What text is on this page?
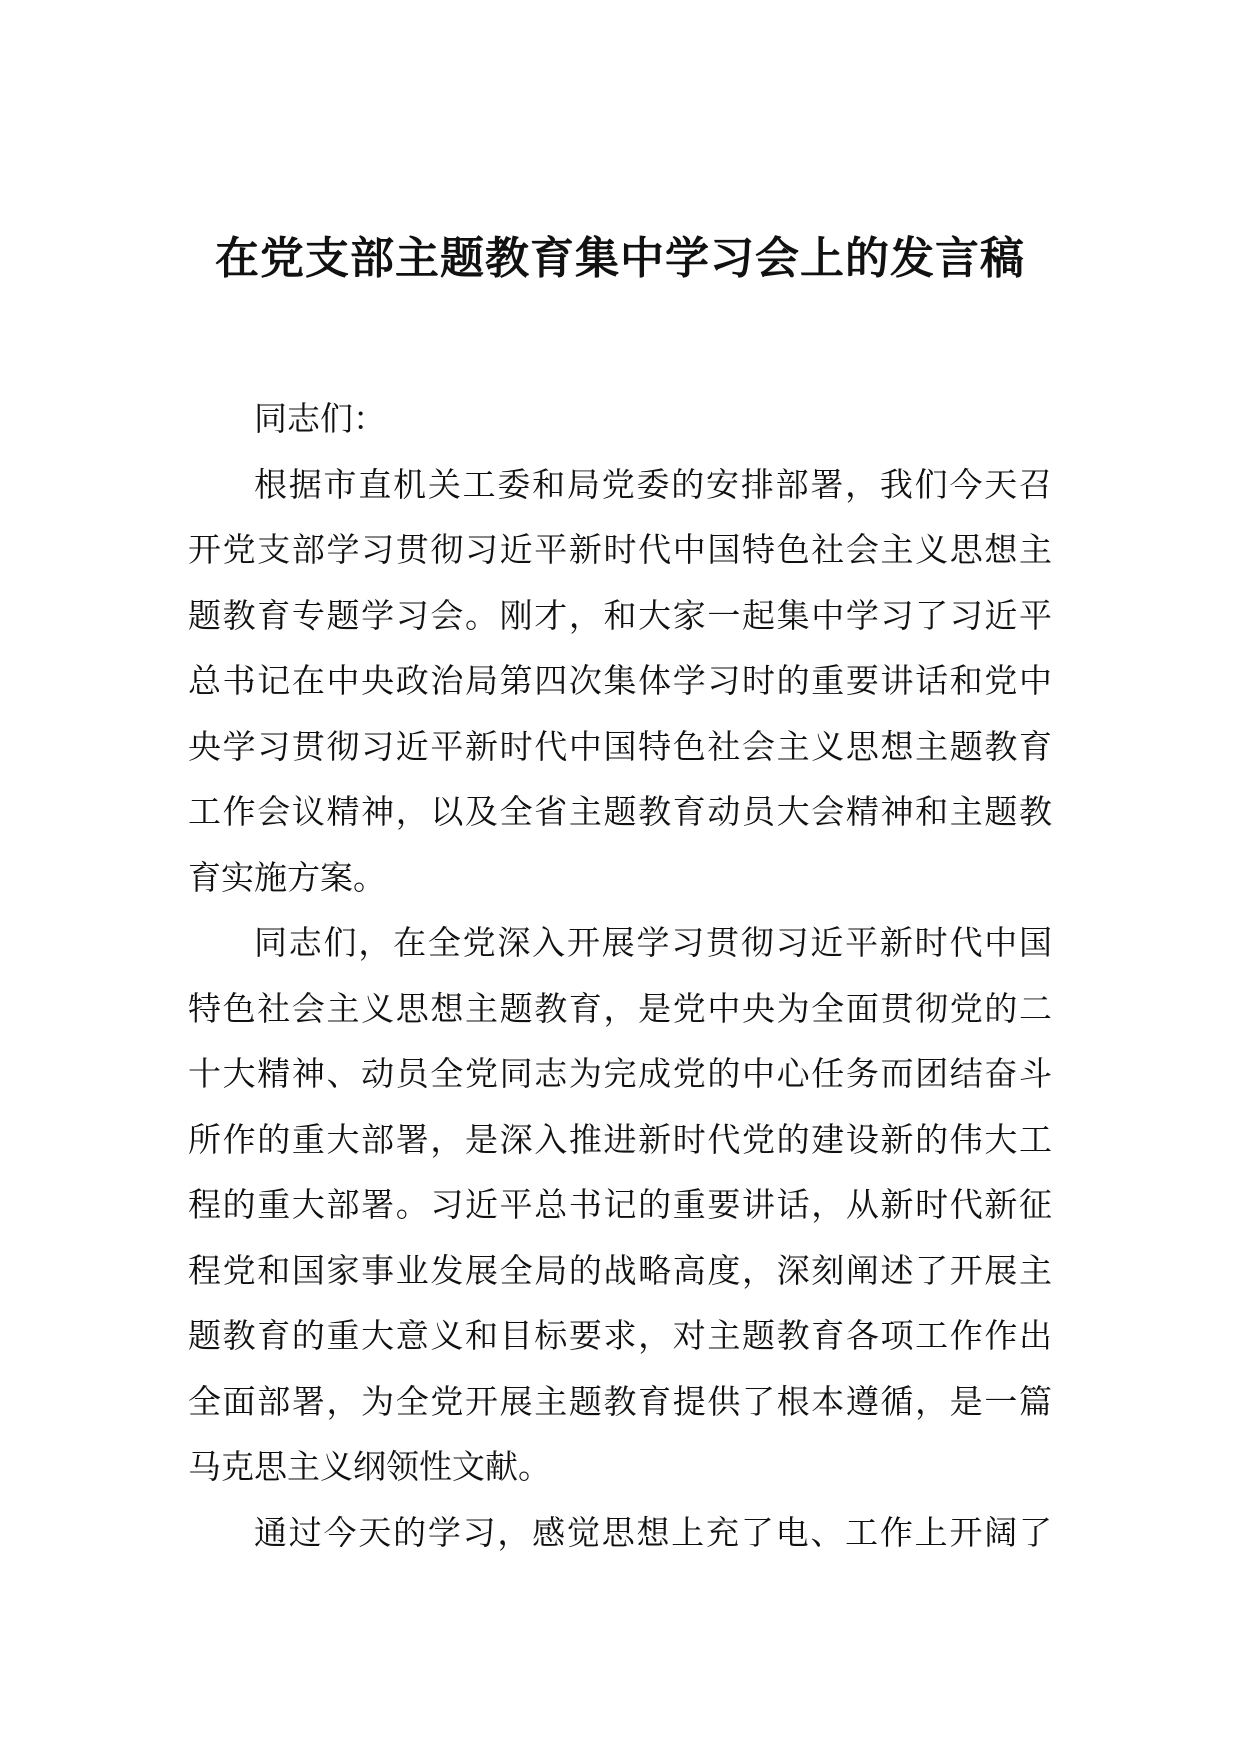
在党支部主题教育集中学习会上的发言稿

同志们：

根据市直机关工委和局党委的安排部署，我们今天召
开党支部学习贯彻习近平新时代中国特色社会主义思想主
题教育专题学习会。刚才，和大家一起集中学习了习近平
总书记在中央政治局第四次集体学习时的重要讲话和党中
央学习贯彻习近平新时代中国特色社会主义思想主题教育
工作会议精神，以及全省主题教育动员大会精神和主题教
育实施方案。

同志们，在全党深入开展学习贯彻习近平新时代中国
特色社会主义思想主题教育，是党中央为全面贯彻党的二
十大精神、动员全党同志为完成党的中心任务而团结奋斗
所作的重大部署，是深入推进新时代党的建设新的伟大工
程的重大部署。习近平总书记的重要讲话，从新时代新征
程党和国家事业发展全局的战略高度，深刻阐述了开展主
题教育的重大意义和目标要求，对主题教育各项工作作出
全面部署，为全党开展主题教育提供了根本遵循，是一篇
马克思主义纲领性文献。

通过今天的学习，感觉思想上充了电、工作上开阔了
